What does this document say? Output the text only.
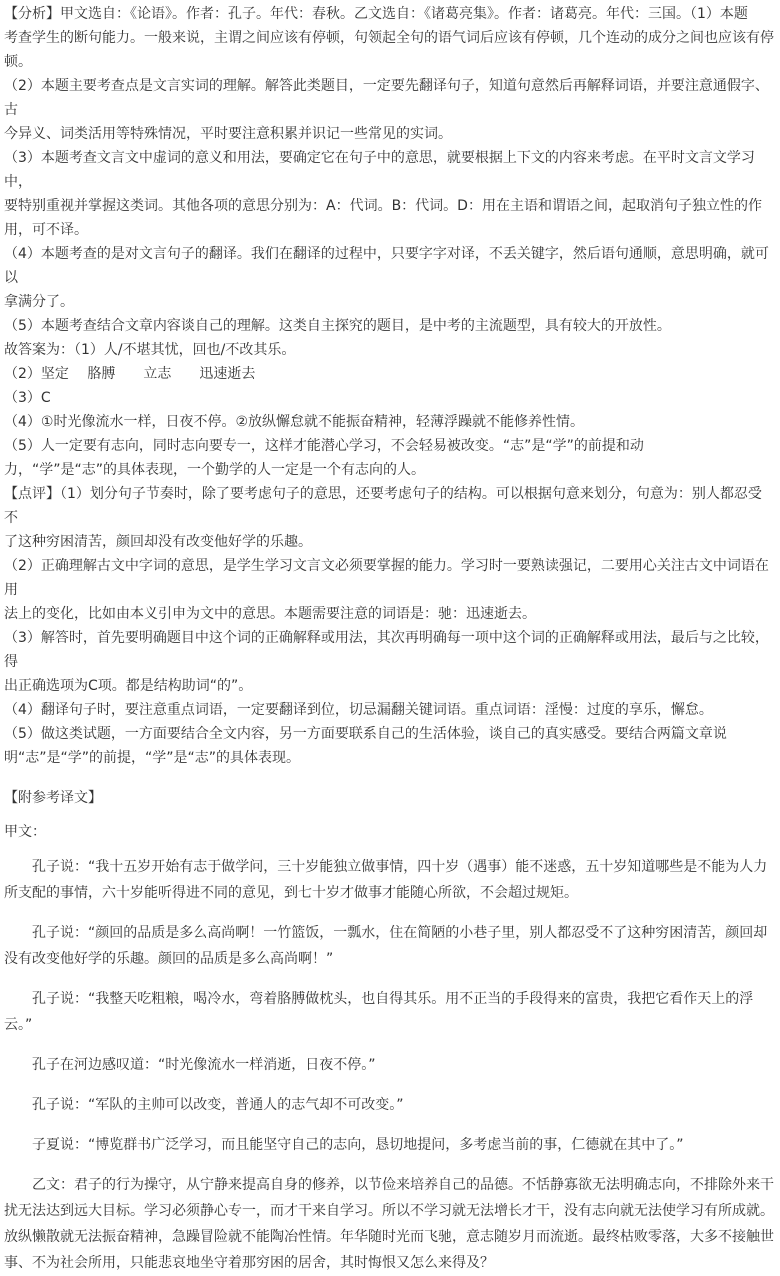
【分析】甲文选自：《论语》。作者：孔子。年代：春秋。乙文选自：《诸葛亮集》。作者：诸葛亮。年代：三国。（1）本题
考查学生的断句能力。一般来说，主谓之间应该有停顿，句领起全句的语气词后应该有停顿，几个连动的成分之间也应该有停
顿。
（2）本题主要考查点是文言实词的理解。解答此类题目，一定要先翻译句子，知道句意然后再解释词语，并要注意通假字、古
今异义、词类活用等特殊情况，平时要注意积累并识记一些常见的实词。
（3）本题考查文言文中虚词的意义和用法，要确定它在句子中的意思，就要根据上下文的内容来考虑。在平时文言文学习中，
要特别重视并掌握这类词。其他各项的意思分别为：A：代词。B：代词。D：用在主语和谓语之间，起取消句子独立性的作
用，可不译。
（4）本题考查的是对文言句子的翻译。我们在翻译的过程中，只要字字对译，不丢关键字，然后语句通顺，意思明确，就可以
拿满分了。
（5）本题考查结合文章内容谈自己的理解。这类自主探究的题目，是中考的主流题型，具有较大的开放性。
故答案为：（1）人/不堪其忧，回也/不改其乐。
（2）坚定　 胳膊　　立志　　迅速逝去
（3）C
（4）①时光像流水一样，日夜不停。②放纵懈怠就不能振奋精神，轻薄浮躁就不能修养性情。
（5）人一定要有志向，同时志向要专一，这样才能潜心学习，不会轻易被改变。“志”是“学”的前提和动
力，“学”是“志”的具体表现，一个勤学的人一定是一个有志向的人。
【点评】（1）划分句子节奏时，除了要考虑句子的意思，还要考虑句子的结构。可以根据句意来划分，句意为：别人都忍受不
了这种穷困清苦，颜回却没有改变他好学的乐趣。
（2）正确理解古文中字词的意思，是学生学习文言文必须要掌握的能力。学习时一要熟读强记，二要用心关注古文中词语在用
法上的变化，比如由本义引申为文中的意思。本题需要注意的词语是：驰：迅速逝去。
（3）解答时，首先要明确题目中这个词的正确解释或用法，其次再明确每一项中这个词的正确解释或用法，最后与之比较，得
出正确选项为C项。都是结构助词“的”。
（4）翻译句子时，要注意重点词语，一定要翻译到位，切忌漏翻关键词语。重点词语：淫慢：过度的享乐，懈怠。
（5）做这类试题，一方面要结合全文内容，另一方面要联系自己的生活体验，谈自己的真实感受。要结合两篇文章说
明“志”是“学”的前提，“学”是“志”的具体表现。
【附参考译文】
甲文：
孔子说：“我十五岁开始有志于做学问，三十岁能独立做事情，四十岁（遇事）能不迷惑，五十岁知道哪些是不能为人力所支配的事情，六十岁能听得进不同的意见，到七十岁才做事才能随心所欲，不会超过规矩。
孔子说：“颜回的品质是多么高尚啊！一竹篮饭，一瓢水，住在简陋的小巷子里，别人都忍受不了这种穷困清苦，颜回却没有改变他好学的乐趣。颜回的品质是多么高尚啊！”
孔子说：“我整天吃粗粮，喝冷水，弯着胳膊做枕头，也自得其乐。用不正当的手段得来的富贵，我把它看作天上的浮云。”
孔子在河边感叹道：“时光像流水一样消逝，日夜不停。”
孔子说：“军队的主帅可以改变，普通人的志气却不可改变。”
子夏说：“博览群书广泛学习，而且能坚守自己的志向，恳切地提问，多考虑当前的事，仁德就在其中了。”
乙文：君子的行为操守，从宁静来提高自身的修养，以节俭来培养自己的品德。不恬静寡欲无法明确志向，不排除外来干扰无法达到远大目标。学习必须静心专一，而才干来自学习。所以不学习就无法增长才干，没有志向就无法使学习有所成就。放纵懒散就无法振奋精神，急躁冒险就不能陶冶性情。年华随时光而飞驰，意志随岁月而流逝。最终枯败零落，大多不接触世事、不为社会所用，只能悲哀地坐守着那穷困的居舍，其时悔恨又怎么来得及？
